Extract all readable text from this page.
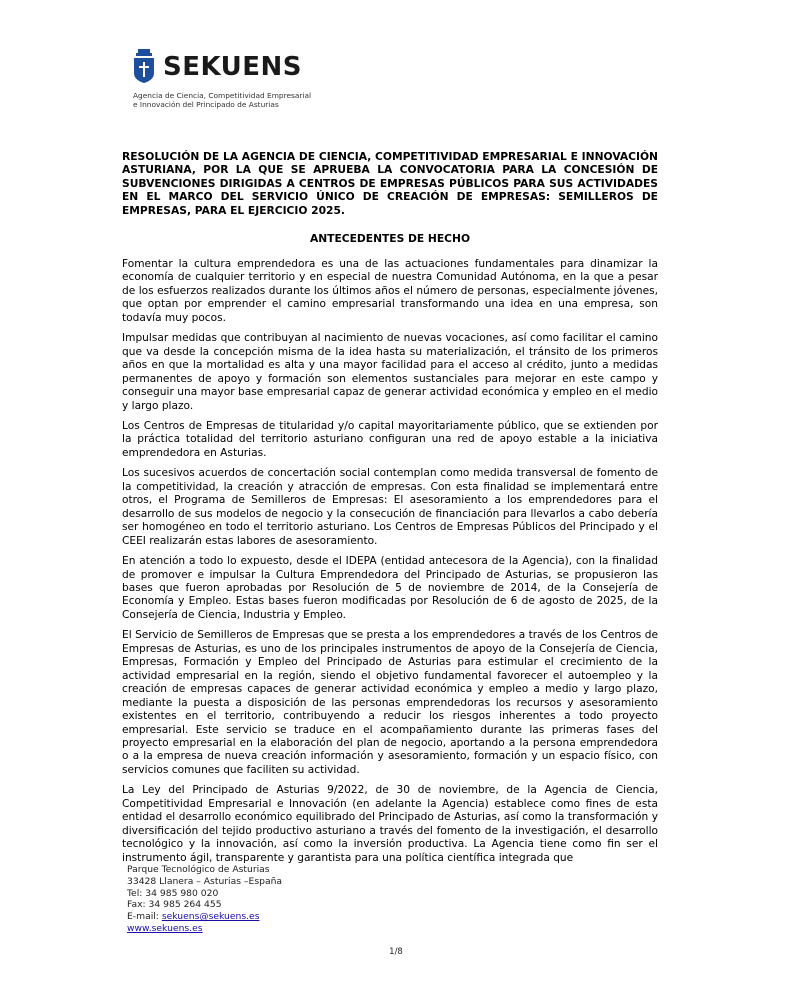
SEKUENS
Agencia de Ciencia, Competitividad Empresarial
e Innovación del Principado de Asturias

RESOLUCIÓN DE LA AGENCIA DE CIENCIA, COMPETITIVIDAD EMPRESARIAL E INNOVACIÓN ASTURIANA, POR LA QUE SE APRUEBA LA CONVOCATORIA PARA LA CONCESIÓN DE SUBVENCIONES DIRIGIDAS A CENTROS DE EMPRESAS PÚBLICOS PARA SUS ACTIVIDADES EN EL MARCO DEL SERVICIO ÚNICO DE CREACIÓN DE EMPRESAS: SEMILLEROS DE EMPRESAS, PARA EL EJERCICIO 2025.

ANTECEDENTES DE HECHO

Fomentar la cultura emprendedora es una de las actuaciones fundamentales para dinamizar la economía de cualquier territorio y en especial de nuestra Comunidad Autónoma, en la que a pesar de los esfuerzos realizados durante los últimos años el número de personas, especialmente jóvenes, que optan por emprender el camino empresarial transformando una idea en una empresa, son todavía muy pocos.

Impulsar medidas que contribuyan al nacimiento de nuevas vocaciones, así como facilitar el camino que va desde la concepción misma de la idea hasta su materialización, el tránsito de los primeros años en que la mortalidad es alta y una mayor facilidad para el acceso al crédito, junto a medidas permanentes de apoyo y formación son elementos sustanciales para mejorar en este campo y conseguir una mayor base empresarial capaz de generar actividad económica y empleo en el medio y largo plazo.

Los Centros de Empresas de titularidad y/o capital mayoritariamente público, que se extienden por la práctica totalidad del territorio asturiano configuran una red de apoyo estable a la iniciativa emprendedora en Asturias.

Los sucesivos acuerdos de concertación social contemplan como medida transversal de fomento de la competitividad, la creación y atracción de empresas. Con esta finalidad se implementará entre otros, el Programa de Semilleros de Empresas: El asesoramiento a los emprendedores para el desarrollo de sus modelos de negocio y la consecución de financiación para llevarlos a cabo debería ser homogéneo en todo el territorio asturiano. Los Centros de Empresas Públicos del Principado y el CEEI realizarán estas labores de asesoramiento.

En atención a todo lo expuesto, desde el IDEPA (entidad antecesora de la Agencia), con la finalidad de promover e impulsar la Cultura Emprendedora del Principado de Asturias, se propusieron las bases que fueron aprobadas por Resolución de 5 de noviembre de 2014, de la Consejería de Economía y Empleo. Estas bases fueron modificadas por Resolución de 6 de agosto de 2025, de la Consejería de Ciencia, Industria y Empleo.

El Servicio de Semilleros de Empresas que se presta a los emprendedores a través de los Centros de Empresas de Asturias, es uno de los principales instrumentos de apoyo de la Consejería de Ciencia, Empresas, Formación y Empleo del Principado de Asturias para estimular el crecimiento de la actividad empresarial en la región, siendo el objetivo fundamental favorecer el autoempleo y la creación de empresas capaces de generar actividad económica y empleo a medio y largo plazo, mediante la puesta a disposición de las personas emprendedoras los recursos y asesoramiento existentes en el territorio, contribuyendo a reducir los riesgos inherentes a todo proyecto empresarial. Este servicio se traduce en el acompañamiento durante las primeras fases del proyecto empresarial en la elaboración del plan de negocio, aportando a la persona emprendedora o a la empresa de nueva creación información y asesoramiento, formación y un espacio físico, con servicios comunes que faciliten su actividad.

La Ley del Principado de Asturias 9/2022, de 30 de noviembre, de la Agencia de Ciencia, Competitividad Empresarial e Innovación (en adelante la Agencia) establece como fines de esta entidad el desarrollo económico equilibrado del Principado de Asturias, así como la transformación y diversificación del tejido productivo asturiano a través del fomento de la investigación, el desarrollo tecnológico y la innovación, así como la inversión productiva. La Agencia tiene como fin ser el instrumento ágil, transparente y garantista para una política científica integrada que

Parque Tecnológico de Asturias
33428 Llanera – Asturias –España
Tel: 34 985 980 020
Fax: 34 985 264 455
E-mail: sekuens@sekuens.es
www.sekuens.es
1/8
